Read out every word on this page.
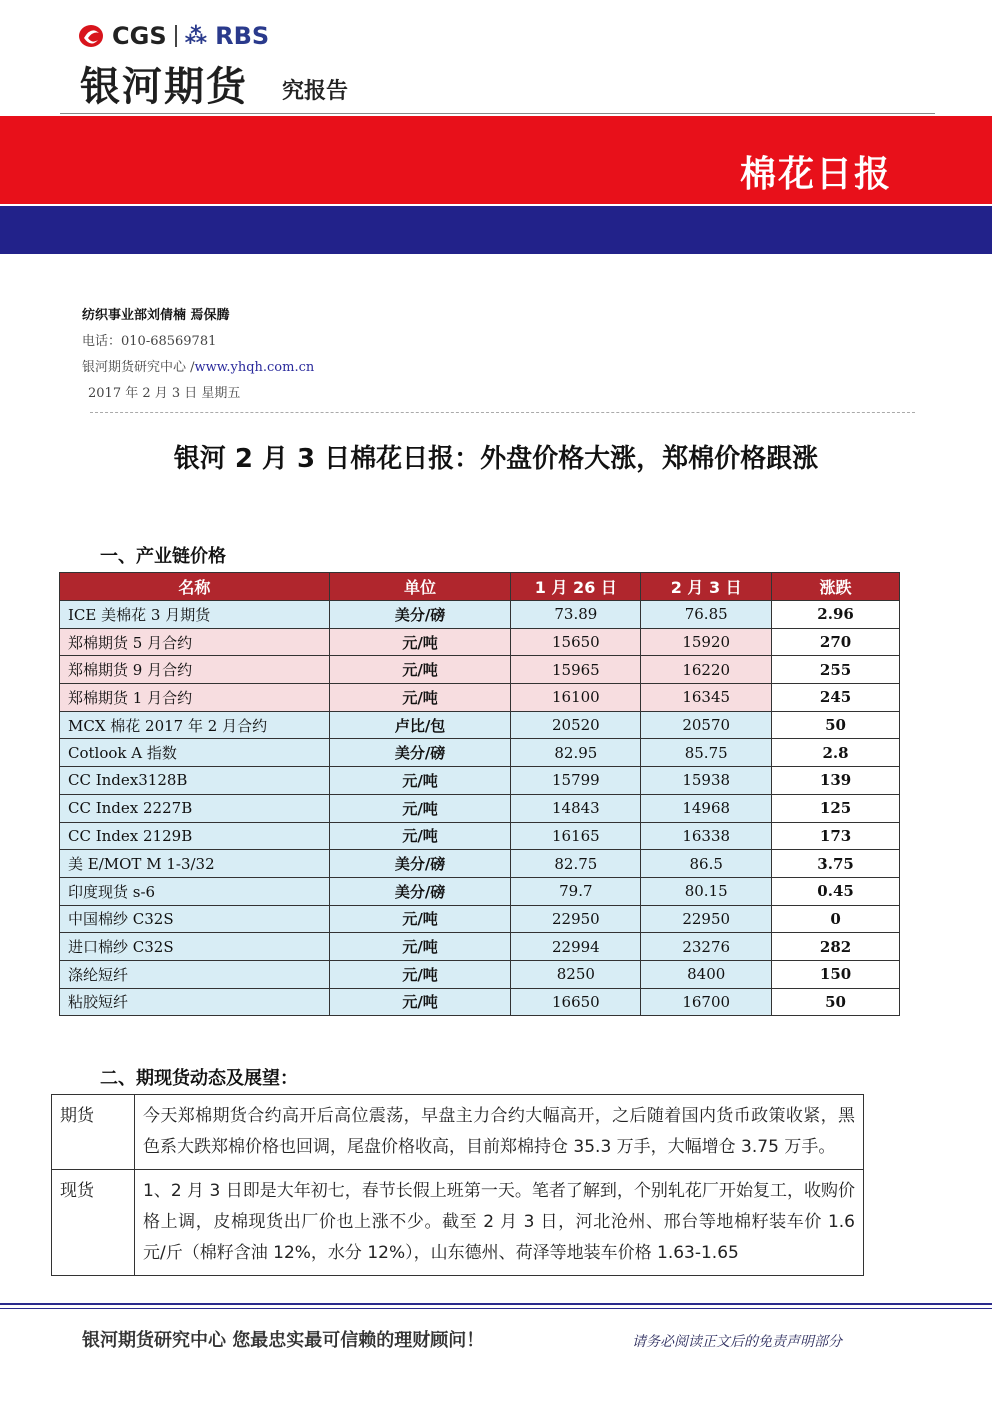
CGS ⁂ RBS
银河期货 究报告
棉花日报
纺织事业部刘倩楠 焉保腾
电话：010-68569781
银河期货研究中心 /www.yhqh.com.cn
2017 年 2 月 3 日 星期五
银河 2 月 3 日棉花日报：外盘价格大涨，郑棉价格跟涨
一、产业链价格
名称	单位	1 月 26 日	2 月 3 日	涨跌
ICE 美棉花 3 月期货	美分/磅	73.89	76.85	2.96
郑棉期货 5 月合约	元/吨	15650	15920	270
郑棉期货 9 月合约	元/吨	15965	16220	255
郑棉期货 1 月合约	元/吨	16100	16345	245
MCX 棉花 2017 年 2 月合约	卢比/包	20520	20570	50
Cotlook A 指数	美分/磅	82.95	85.75	2.8
CC Index3128B	元/吨	15799	15938	139
CC Index 2227B	元/吨	14843	14968	125
CC Index 2129B	元/吨	16165	16338	173
美 E/MOT M 1-3/32	美分/磅	82.75	86.5	3.75
印度现货 s-6	美分/磅	79.7	80.15	0.45
中国棉纱 C32S	元/吨	22950	22950	0
进口棉纱 C32S	元/吨	22994	23276	282
涤纶短纤	元/吨	8250	8400	150
粘胶短纤	元/吨	16650	16700	50
二、期现货动态及展望：
期货	今天郑棉期货合约高开后高位震荡，早盘主力合约大幅高开，之后随着国内货币政策收紧，黑色系大跌郑棉价格也回调，尾盘价格收高，目前郑棉持仓 35.3 万手，大幅增仓 3.75 万手。
现货	1、2 月 3 日即是大年初七，春节长假上班第一天。笔者了解到，个别轧花厂开始复工，收购价格上调，皮棉现货出厂价也上涨不少。截至 2 月 3 日，河北沧州、邢台等地棉籽装车价 1.6 元/斤（棉籽含油 12%，水分 12%），山东德州、荷泽等地装车价格 1.63-1.65
银河期货研究中心 您最忠实最可信赖的理财顾问！	请务必阅读正文后的免责声明部分
